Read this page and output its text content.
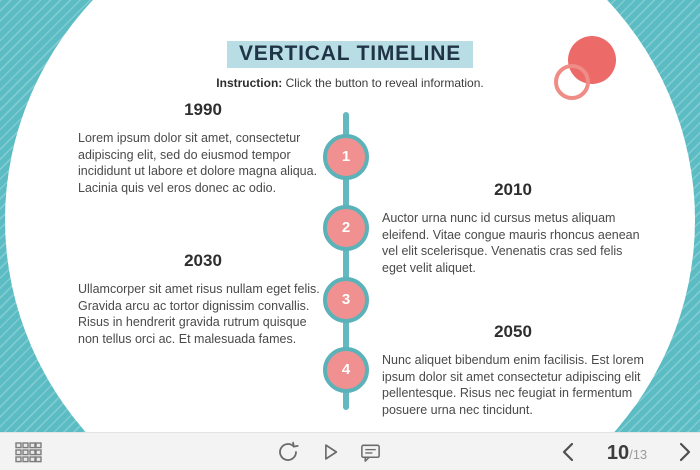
VERTICAL TIMELINE

Instruction: Click the button to reveal information.

1
2
3
4
1990

Lorem ipsum dolor sit amet, consectetur adipiscing elit, sed do eiusmod tempor incididunt ut labore et dolore magna aliqua. Lacinia quis vel eros donec ac odio.	2010

Auctor urna nunc id cursus metus aliquam eleifend. Vitae congue mauris rhoncus aenean vel elit scelerisque. Venenatis cras sed felis eget velit aliquet.

2030

Ullamcorper sit amet risus nullam eget felis. Gravida arcu ac tortor dignissim convallis. Risus in hendrerit gravida rutrum quisque non tellus orci ac. Et malesuada fames.	2050

Nunc aliquet bibendum enim facilisis. Est lorem ipsum dolor sit amet consectetur adipiscing elit pellentesque. Risus nec feugiat in fermentum posuere urna nec tincidunt.

10 /13
